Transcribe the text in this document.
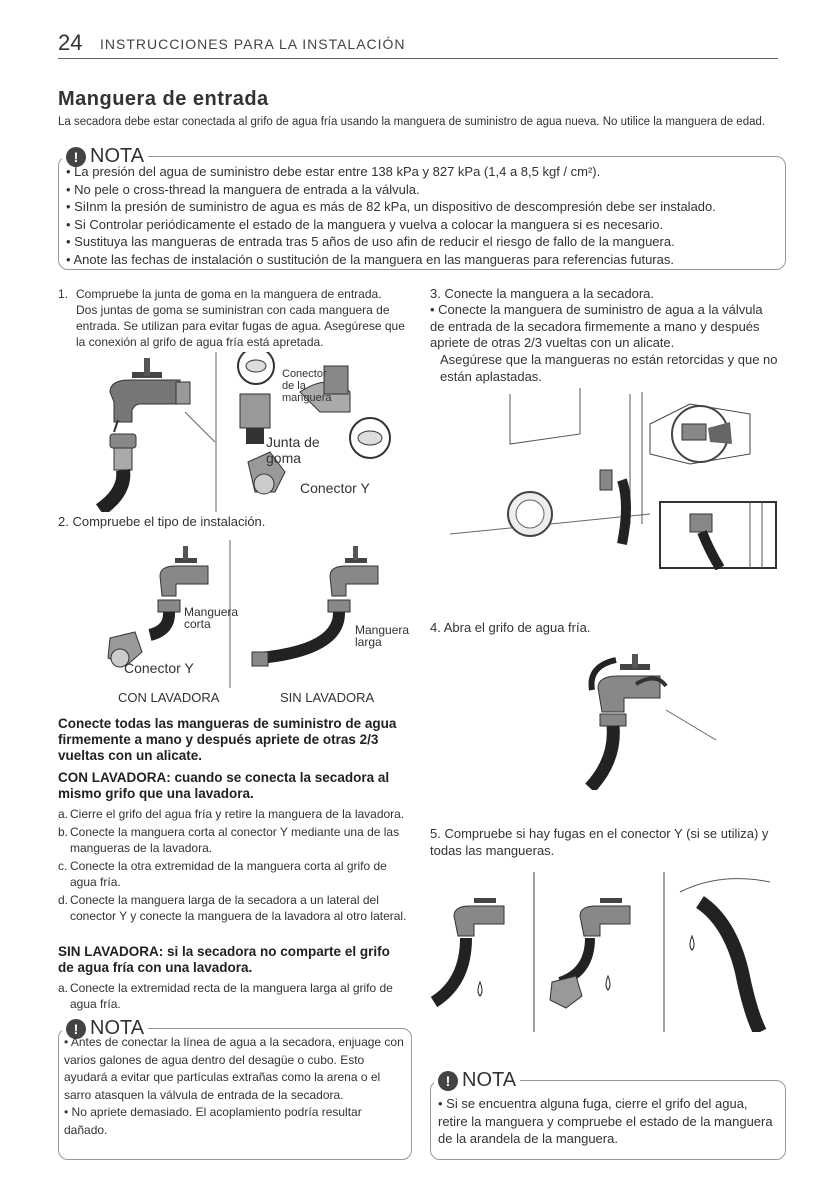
24 INSTRUCCIONES PARA LA INSTALACIÓN
Manguera de entrada
La secadora debe estar conectada al grifo de agua fría usando la manguera de suministro de agua nueva. No utilice la manguera de edad.
! NOTA
• La presión del agua de suministro debe estar entre 138 kPa y 827 kPa (1,4 a 8,5 kgf / cm²).
• No pele o cross-thread la manguera de entrada a la válvula.
• SiInm la presión de suministro de agua es más de 82 kPa, un dispositivo de descompresión debe ser instalado.
• Si Controlar periódicamente el estado de la manguera y vuelva a colocar la manguera si es necesario.
• Sustituya las mangueras de entrada tras 5 años de uso afin de reducir el riesgo de fallo de la manguera.
• Anote las fechas de instalación o sustitución de la manguera en las mangueras para referencias futuras.
1. Compruebe la junta de goma en la manguera de entrada. Dos juntas de goma se suministran con cada manguera de entrada. Se utilizan para evitar fugas de agua. Asegúrese que la conexión al grifo de agua fría está apretada.
Conector de la manguera
Junta de goma
Conector Y
2. Compruebe el tipo de instalación.
Manguera corta
Conector Y
Manguera larga
CON LAVADORA	SIN LAVADORA
Conecte todas las mangueras de suministro de agua firmemente a mano y después apriete de otras 2/3 vueltas con un alicate.
CON LAVADORA: cuando se conecta la secadora al mismo grifo que una lavadora.
a. Cierre el grifo del agua fría y retire la manguera de la lavadora.
b. Conecte la manguera corta al conector Y mediante una de las mangueras de la lavadora.
c. Conecte la otra extremidad de la manguera corta al grifo de agua fría.
d. Conecte la manguera larga de la secadora a un lateral del conector Y y conecte la manguera de la lavadora al otro lateral.
SIN LAVADORA: si la secadora no comparte el grifo de agua fría con una lavadora.
a. Conecte la extremidad recta de la manguera larga al grifo de agua fría.
! NOTA
• Antes de conectar la línea de agua a la secadora, enjuage con varios galones de agua dentro del desagüe o cubo. Esto ayudará a evitar que partículas extrañas como la arena o el sarro atasquen la válvula de entrada de la secadora.
• No apriete demasiado. El acoplamiento podría resultar dañado.
3. Conecte la manguera a la secadora.
• Conecte la manguera de suministro de agua a la válvula de entrada de la secadora firmemente a mano y después apriete de otras 2/3 vueltas con un alicate.
Asegúrese que la mangueras no están retorcidas y que no están aplastadas.
4. Abra el grifo de agua fría.
5. Compruebe si hay fugas en el conector Y (si se utiliza) y todas las mangueras.
! NOTA
• Si se encuentra alguna fuga, cierre el grifo del agua, retire la manguera y compruebe el estado de la manguera de la arandela de la manguera.
